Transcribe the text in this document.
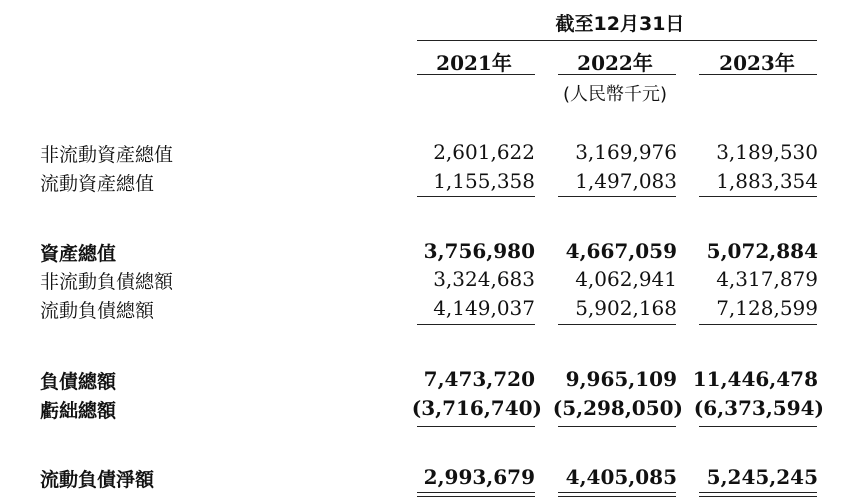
截至12月31日
2021年	2022年	2023年
(人民幣千元)
非流動資產總值	2,601,622	3,169,976	3,189,530
流動資產總值	1,155,358	1,497,083	1,883,354
資產總值	3,756,980	4,667,059	5,072,884
非流動負債總額	3,324,683	4,062,941	4,317,879
流動負債總額	4,149,037	5,902,168	7,128,599
負債總額	7,473,720	9,965,109 11,446,478
虧絀總額	(3,716,740) (5,298,050) (6,373,594)
流動負債淨額	2,993,679	4,405,085	5,245,245
